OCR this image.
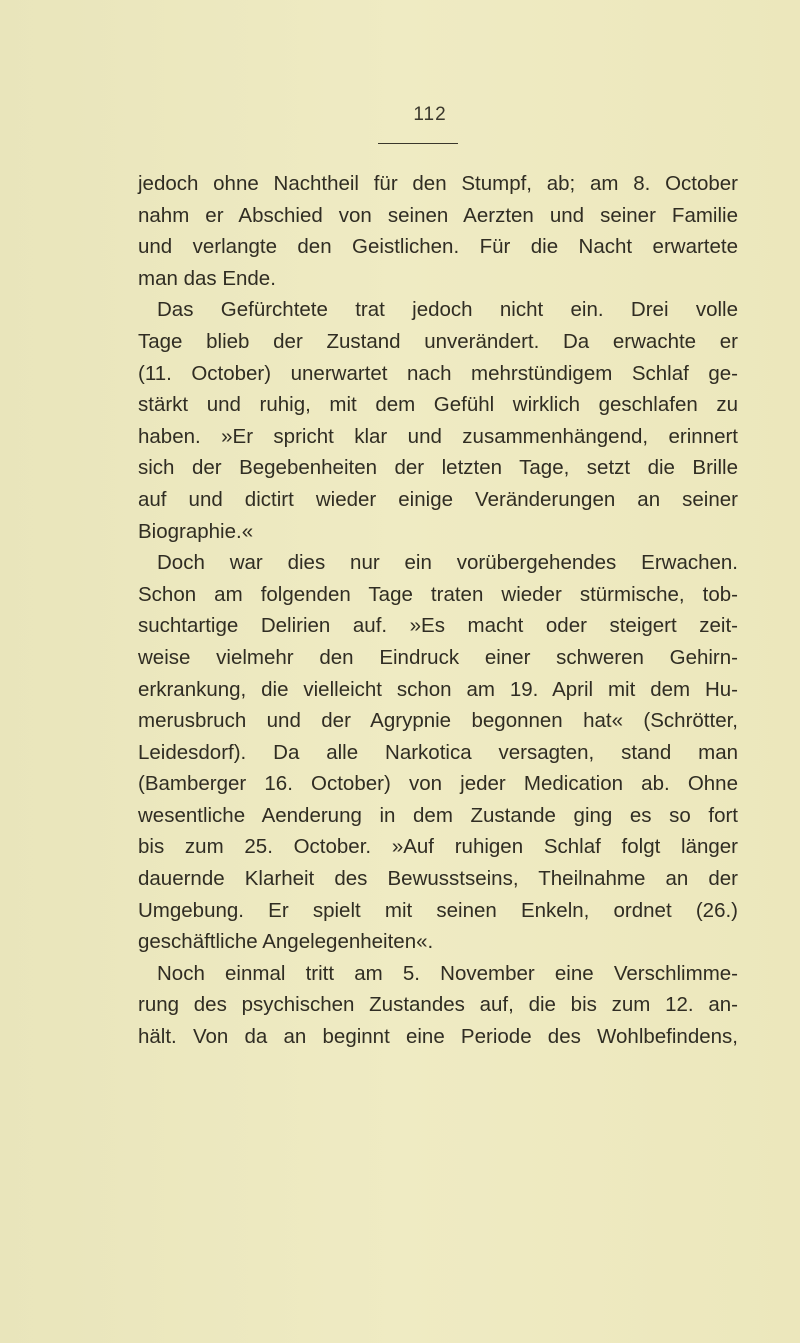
112
jedoch ohne Nachtheil für den Stumpf, ab; am 8. October
nahm er Abschied von seinen Aerzten und seiner Familie
und verlangte den Geistlichen. Für die Nacht erwartete
man das Ende.
Das Gefürchtete trat jedoch nicht ein. Drei volle
Tage blieb der Zustand unverändert. Da erwachte er
(11. October) unerwartet nach mehrstündigem Schlaf ge-
stärkt und ruhig, mit dem Gefühl wirklich geschlafen zu
haben. »Er spricht klar und zusammenhängend, erinnert
sich der Begebenheiten der letzten Tage, setzt die Brille
auf und dictirt wieder einige Veränderungen an seiner
Biographie.«
Doch war dies nur ein vorübergehendes Erwachen.
Schon am folgenden Tage traten wieder stürmische, tob-
suchtartige Delirien auf. »Es macht oder steigert zeit-
weise vielmehr den Eindruck einer schweren Gehirn-
erkrankung, die vielleicht schon am 19. April mit dem Hu-
merusbruch und der Agrypnie begonnen hat« (Schrötter,
Leidesdorf). Da alle Narkotica versagten, stand man
(Bamberger 16. October) von jeder Medication ab. Ohne
wesentliche Aenderung in dem Zustande ging es so fort
bis zum 25. October. »Auf ruhigen Schlaf folgt länger
dauernde Klarheit des Bewusstseins, Theilnahme an der
Umgebung. Er spielt mit seinen Enkeln, ordnet (26.)
geschäftliche Angelegenheiten«.
Noch einmal tritt am 5. November eine Verschlimme-
rung des psychischen Zustandes auf, die bis zum 12. an-
hält. Von da an beginnt eine Periode des Wohlbefindens,
